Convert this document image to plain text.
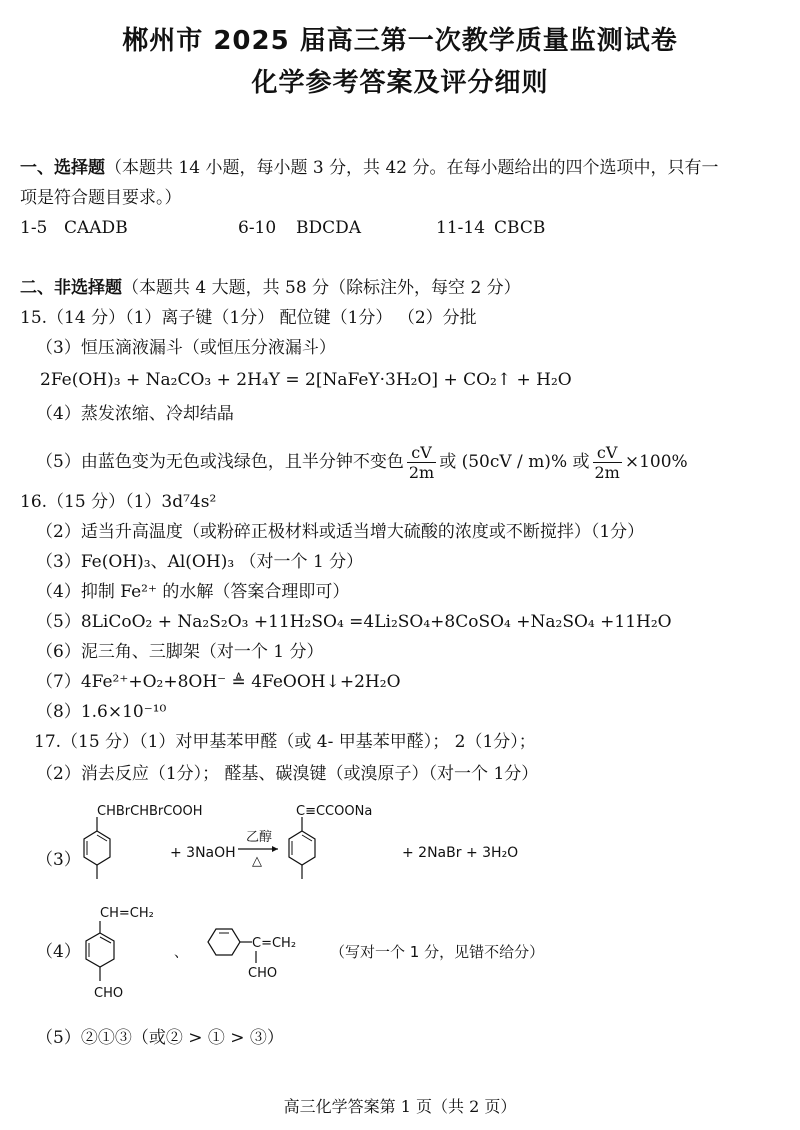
郴州市 2025 届高三第一次教学质量监测试卷
化学参考答案及评分细则
一、选择题（本题共 14 小题，每小题 3 分，共 42 分。在每小题给出的四个选项中，只有一
项是符合题目要求。）
1-5 CAADB	6-10 BDCDA	11-14 CBCB
二、非选择题（本题共 4 大题，共 58 分（除标注外，每空 2 分）
15.（14 分）（1）离子键（1分） 配位键（1分） （2）分批
（3）恒压滴液漏斗（或恒压分液漏斗）
2Fe(OH)₃ + Na₂CO₃ + 2H₄Y = 2[NaFeY·3H₂O] + CO₂↑ + H₂O
（4）蒸发浓缩、冷却结晶
（5）由蓝色变为无色或浅绿色，且半分钟不变色 $\frac{cV}{2m}$ 或 (50cV / m)% 或 $\frac{cV}{2m} \times 100\%$
16.（15 分）（1）3d⁷4s²
（2）适当升高温度（或粉碎正极材料或适当增大硫酸的浓度或不断搅拌）（1分）
（3）Fe(OH)₃、Al(OH)₃ （对一个 1 分）
（4）抑制 Fe²⁺ 的水解（答案合理即可）
（5）8LiCoO₂ + Na₂S₂O₃ +11H₂SO₄ =4Li₂SO₄+8CoSO₄ +Na₂SO₄ +11H₂O
（6）泥三角、三脚架（对一个 1 分）
（7）4Fe²⁺+O₂+8OH⁻ ≜ 4FeOOH↓+2H₂O
（8）1.6×10⁻¹⁰
17.（15 分）（1）对甲基苯甲醛（或 4- 甲基苯甲醛）； 2（1分）；
（2）消去反应（1分）； 醛基、碳溴键（或溴原子）（对一个 1分）
（3）
CHBrCHBrCOOH
+ 3NaOH
乙醇
△
C≡CCOONa
+ 2NaBr + 3H₂O
（4）
CH=CH₂
CHO
、
C=CH₂
CHO
（写对一个 1 分，见错不给分）
（5）②①③（或② > ① > ③）
高三化学答案第 1 页（共 2 页）
